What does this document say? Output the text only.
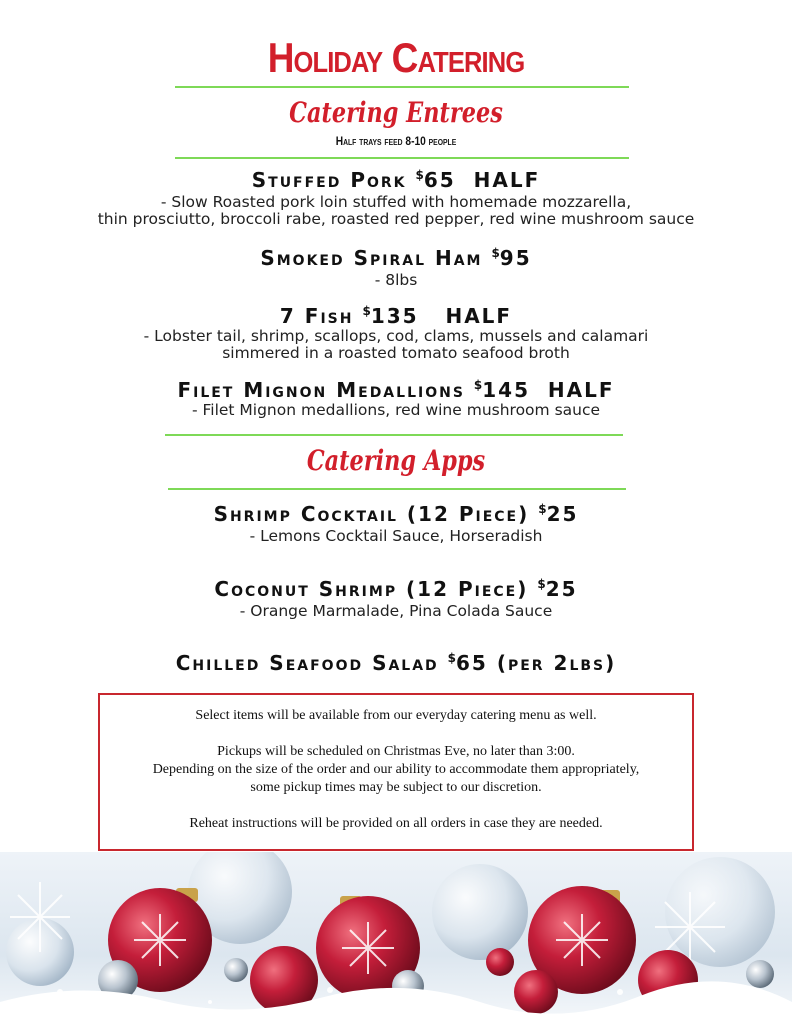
Holiday Catering
Catering Entrees
Half trays feed 8-10 people
Stuffed Pork $65 HALF
- Slow Roasted pork loin stuffed with homemade mozzarella,
thin prosciutto, broccoli rabe, roasted red pepper, red wine mushroom sauce
Smoked Spiral Ham $95
- 8lbs
7 Fish $135 HALF
- Lobster tail, shrimp, scallops, cod, clams, mussels and calamari
simmered in a roasted tomato seafood broth
Filet Mignon Medallions $145 HALF
- Filet Mignon medallions, red wine mushroom sauce
Catering Apps
Shrimp Cocktail (12 Piece) $25
- Lemons Cocktail Sauce, Horseradish
Coconut Shrimp (12 Piece) $25
- Orange Marmalade, Pina Colada Sauce
Chilled Seafood Salad $65 (per 2lbs)

Select items will be available from our everyday catering menu as well.

Pickups will be scheduled on Christmas Eve, no later than 3:00.

Depending on the size of the order and our ability to accommodate them appropriately,

some pickup times may be subject to our discretion.

Reheat instructions will be provided on all orders in case they are needed.
